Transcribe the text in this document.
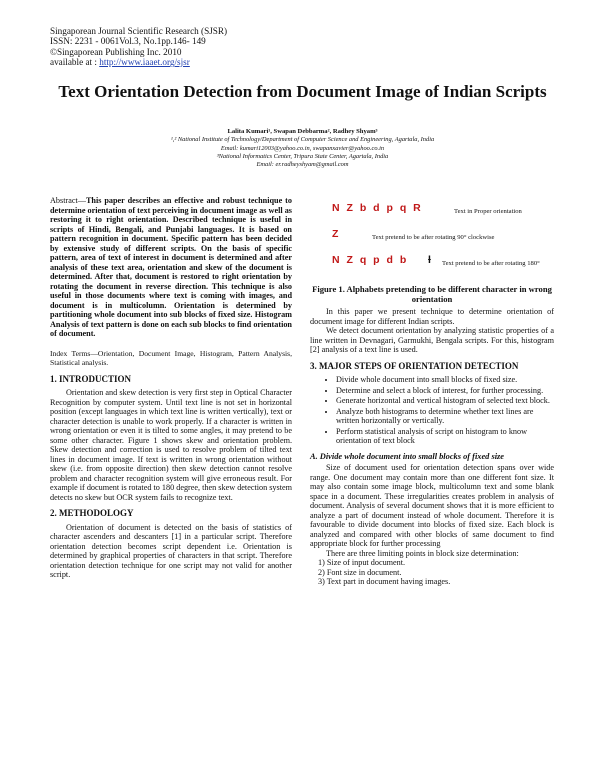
Singaporean Journal Scientific Research (SJSR)
ISSN: 2231 - 0061Vol.3, No.1pp.146- 149
©Singaporean Publishing Inc. 2010
available at : http://www.iaaet.org/sjsr
Text Orientation Detection from Document Image of Indian Scripts
Lalita Kumari¹, Swapan Debbarma², Radhey Shyam³
¹,² National Institute of Technology/Department of Computer Science and Engineering, Agartala, India
Email: kumari12003@yahoo.co.in, swapanxavier@yahoo.co.in
³National Informatics Center, Tripura State Center, Agartala, India
Email: er.radheyshyam@gmail.com

Abstract—This paper describes an effective and robust technique to determine orientation of text perceiving in document image as well as restoring it to right orientation. Described technique is useful in scripts of Hindi, Bengali, and Punjabi languages. It is based on pattern recognition in document. Specific pattern has been decided by extensive study of different scripts. On the basis of specific pattern, area of text of interest in document is determined and after analysis of these text area, orientation and skew of the document is determined. After that, document is restored to right orientation by rotating the document in reverse direction. This technique is also useful in those documents where text is coming with images, and document is in multicolumn. Orientation is determined by partitioning whole document into sub blocks of fixed size. Histogram Analysis of text pattern is done on each sub blocks to find orientation of document.

Index Terms—Orientation, Document Image, Histogram, Pattern Analysis, Statistical analysis.

1. INTRODUCTION

Orientation and skew detection is very first step in Optical Character Recognition by computer system. Until text line is not set in horizontal position (except languages in which text line is written vertically), text or character detection is unable to work properly. If a character is written in wrong orientation or even it is tilted to some angles, it may pretend to be some other character. Figure 1 shows skew and orientation problem. Skew detection and correction is used to resolve problem of tilted text lines in document image. If text is written in wrong orientation without skew (i.e. from opposite direction) then skew detection cannot resolve problem and character recognition system will give erroneous result. For example if document is rotated to 180 degree, then skew detection system detects no skew but OCR system fails to recognize text.

2. METHODOLOGY

Orientation of document is detected on the basis of statistics of character ascenders and descanters [1] in a particular script. Therefore orientation detection becomes script dependent i.e. Orientation is determined by graphical properties of characters in that script. Therefore orientation detection technique for one script may not valid for another script.

N Z b d p q R	Text in Proper orientation
Z	Text pretend to be after rotating 90° clockwise
N Z q p d b ƚ Text pretend to be after rotating 180°
Figure 1. Alphabets pretending to be different character in wrong orientation

In this paper we present technique to determine orientation of document image for different Indian scripts.

We detect document orientation by analyzing statistic properties of a line written in Devnagari, Garmukhi, Bengala scripts. For this, histogram [2] analysis of a text line is used.

3. MAJOR STEPS OF ORIENTATION DETECTION
• Divide whole document into small blocks of fixed size.
• Determine and select a block of interest, for further processing.
• Generate horizontal and vertical histogram of selected text block.
• Analyze both histograms to determine whether text lines are written horizontally or vertically.
• Perform statistical analysis of script on histogram to know orientation of text block
A. Divide whole document into small blocks of fixed size

Size of document used for orientation detection spans over wide range. One document may contain more than one different font size. It may also contain some image block, multicolumn text and some blank space in a document. These irregularities creates problem in analysis of document. Analysis of several document shows that it is more efficient to analyze a part of document instead of whole document. Therefore it is favourable to divide document into blocks of fixed size. Each block is analyzed and compared with other blocks of same document to find appropriate block for further processing

There are three limiting points in block size determination:

1) Size of input document.
2) Font size in document.
3) Text part in document having images.
